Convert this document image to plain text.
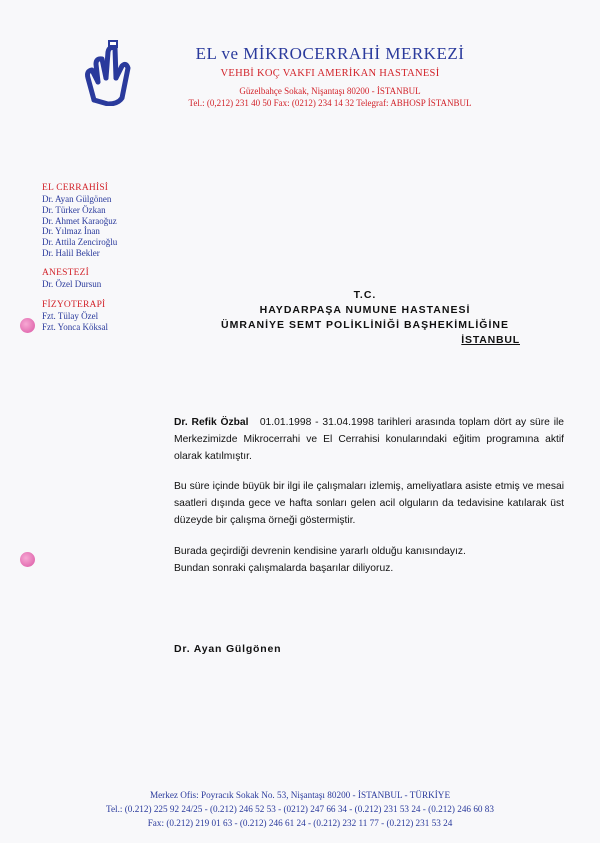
EL ve MİKROCERRAHİ MERKEZİ
VEHBİ KOÇ VAKFI AMERİKAN HASTANESİ
Güzelbahçe Sokak, Nişantaşı 80200 - İSTANBUL
Tel.: (0,212) 231 40 50 Fax: (0212) 234 14 32 Telegraf: ABHOSP İSTANBUL
EL CERRAHİSİ
Dr. Ayan Gülgönen
Dr. Türker Özkan
Dr. Ahmet Karaoğuz
Dr. Yılmaz İnan
Dr. Attila Zenciroğlu
Dr. Halil Bekler
ANESTEZİ
Dr. Özel Dursun
FİZYOTERAPİ
Fzt. Tülay Özel
Fzt. Yonca Köksal
T.C.
HAYDARPAŞA NUMUNE HASTANESİ
ÜMRANİYE SEMT POLİKLİNİĞİ BAŞHEKİMLİĞİNE
İSTANBUL
Dr. Refik Özbal 01.01.1998 - 31.04.1998 tarihleri arasında toplam dört ay süre ile Merkezimizde Mikrocerrahi ve El Cerrahisi konularındaki eğitim programına aktif olarak katılmıştır.
Bu süre içinde büyük bir ilgi ile çalışmaları izlemiş, ameliyatlara asiste etmiş ve mesai saatleri dışında gece ve hafta sonları gelen acil olguların da tedavisine katılarak üst düzeyde bir çalışma örneği göstermiştir.
Burada geçirdiği devrenin kendisine yararlı olduğu kanısındayız.
Bundan sonraki çalışmalarda başarılar diliyoruz.
Dr. Ayan Gülgönen
Merkez Ofis: Poyracık Sokak No. 53, Nişantaşı 80200 - İSTANBUL - TÜRKİYE
Tel.: (0.212) 225 92 24/25 - (0.212) 246 52 53 - (0212) 247 66 34 - (0.212) 231 53 24 - (0.212) 246 60 83
Fax: (0.212) 219 01 63 - (0.212) 246 61 24 - (0.212) 232 11 77 - (0.212) 231 53 24
